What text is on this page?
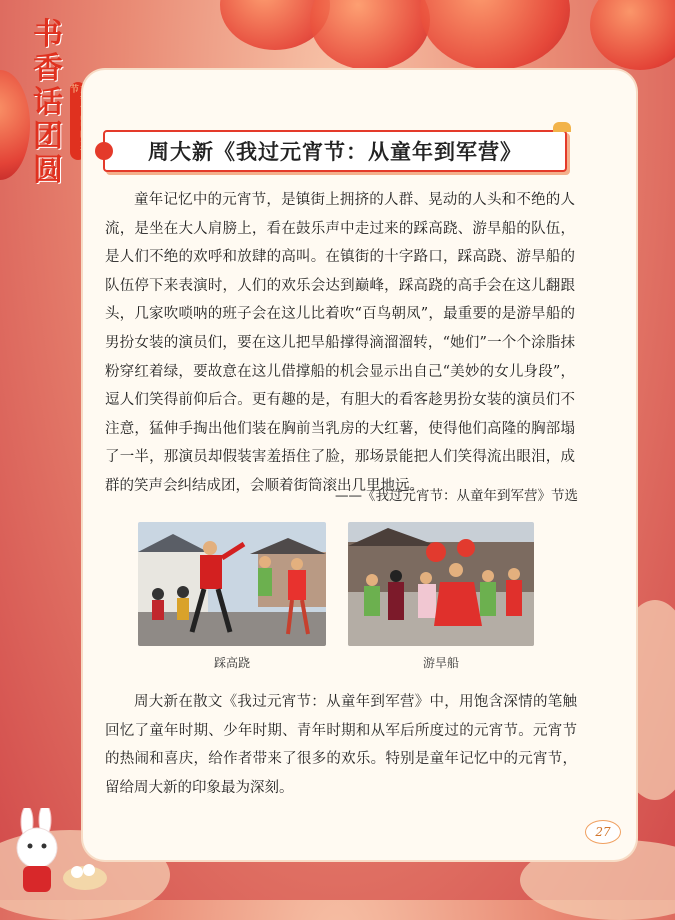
书
香
话
团
圆
节
周大新《我过元宵节：从童年到军营》
童年记忆中的元宵节，是镇街上拥挤的人群、晃动的人头和不绝的人流，是坐在大人肩膀上，看在鼓乐声中走过来的踩高跷、游旱船的队伍，是人们不绝的欢呼和放肆的高叫。在镇街的十字路口，踩高跷、游旱船的队伍停下来表演时，人们的欢乐会达到巅峰，踩高跷的高手会在这儿翻跟头，几家吹唢呐的班子会在这儿比着吹“百鸟朝凤”，最重要的是游旱船的男扮女装的演员们，要在这儿把旱船撑得滴溜溜转，“她们”一个个涂脂抹粉穿红着绿，要故意在这儿借撑船的机会显示出自己“美妙的女儿身段”，逗人们笑得前仰后合。更有趣的是，有胆大的看客趁男扮女装的演员们不注意，猛伸手掏出他们装在胸前当乳房的大红薯，使得他们高隆的胸部塌了一半，那演员却假装害羞捂住了脸，那场景能把人们笑得流出眼泪，成群的笑声会纠结成团，会顺着街筒滚出几里地远。
——《我过元宵节：从童年到军营》节选
踩高跷	游旱船
周大新在散文《我过元宵节：从童年到军营》中，用饱含深情的笔触回忆了童年时期、少年时期、青年时期和从军后所度过的元宵节。元宵节的热闹和喜庆，给作者带来了很多的欢乐。特别是童年记忆中的元宵节，留给周大新的印象最为深刻。
27
